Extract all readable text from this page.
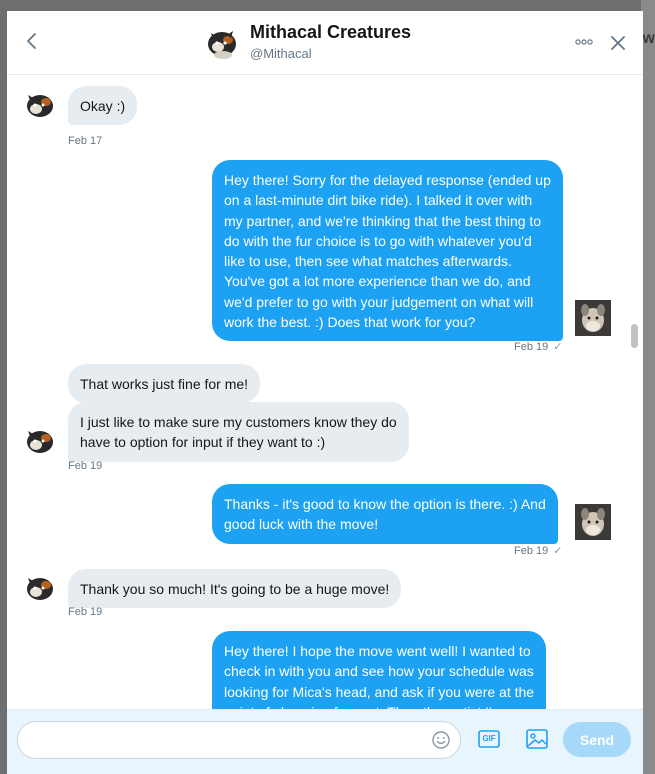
w
Mithacal Creatures
@Mithacal
Okay :)
Feb 17
Hey there! Sorry for the delayed response (ended up
on a last-minute dirt bike ride). I talked it over with
my partner, and we're thinking that the best thing to
do with the fur choice is to go with whatever you'd
like to use, then see what matches afterwards.
You've got a lot more experience than we do, and
we'd prefer to go with your judgement on what will
work the best. :) Does that work for you?
Feb 19 ✓
That works just fine for me!
I just like to make sure my customers know they do
have to option for input if they want to :)
Feb 19
Thanks - it's good to know the option is there. :) And
good luck with the move!
Feb 19 ✓
Thank you so much! It's going to be a huge move!
Feb 19
Hey there! I hope the move went well! I wanted to
check in with you and see how your schedule was
looking for Mica's head, and ask if you were at the
GIF	Send
